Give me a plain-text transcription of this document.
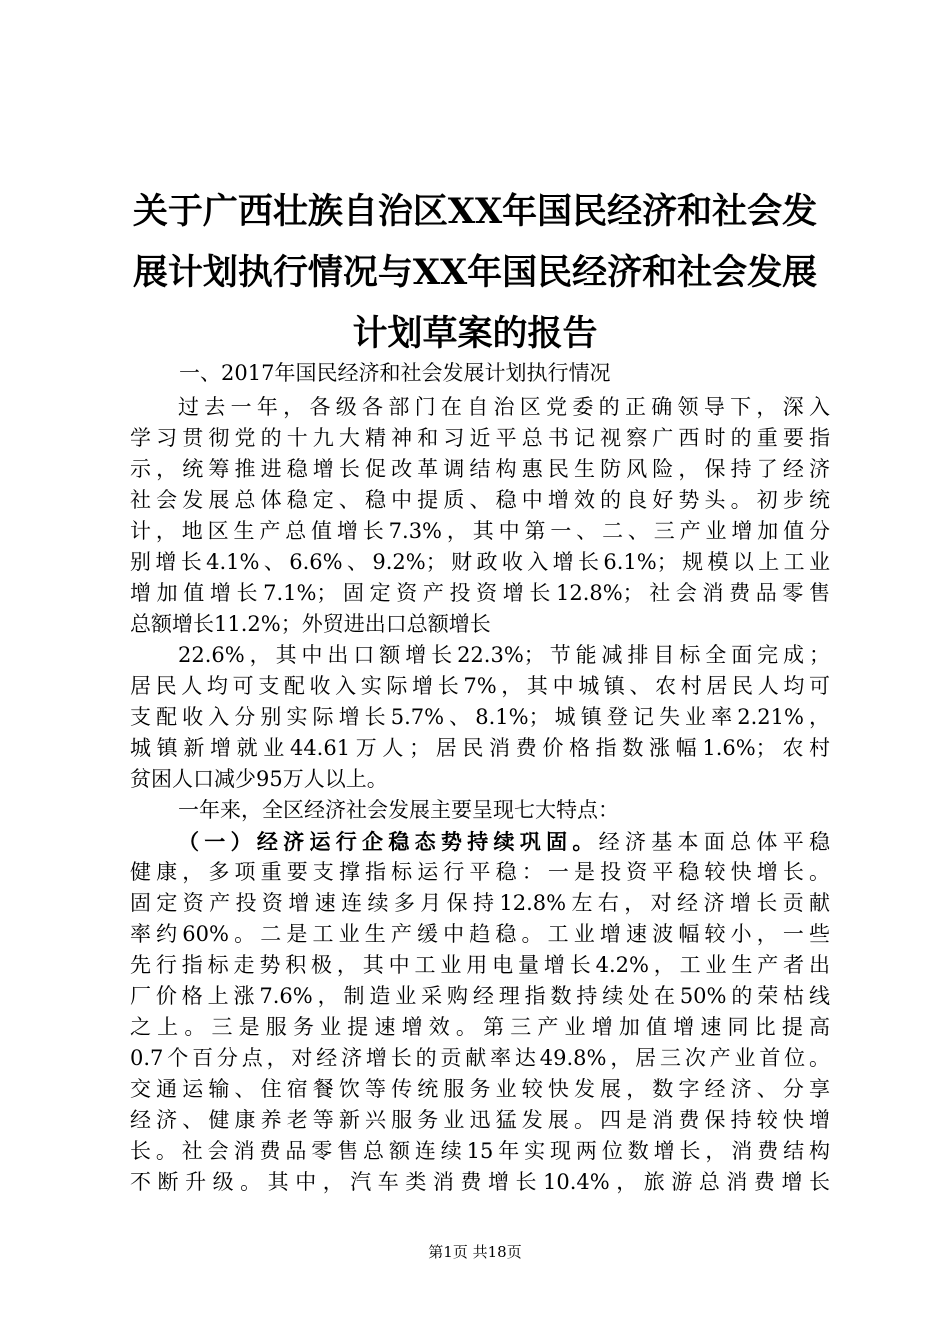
关于广西壮族自治区XX年国民经济和社会发
展计划执行情况与XX年国民经济和社会发展
计划草案的报告
一、2017年国民经济和社会发展计划执行情况

过去一年，各级各部门在自治区党委的正确领导下，深入
学习贯彻党的十九大精神和习近平总书记视察广西时的重要指
示，统筹推进稳增长促改革调结构惠民生防风险，保持了经济
社会发展总体稳定、稳中提质、稳中增效的良好势头。初步统
计，地区生产总值增长7.3%，其中第一、二、三产业增加值分
别增长4.1%、6.6%、9.2%；财政收入增长6.1%；规模以上工业
增加值增长7.1%；固定资产投资增长12.8%；社会消费品零售
总额增长11.2%；外贸进出口总额增长

22.6%，其中出口额增长22.3%；节能减排目标全面完成；
居民人均可支配收入实际增长7%，其中城镇、农村居民人均可
支配收入分别实际增长5.7%、8.1%；城镇登记失业率2.21%，
城镇新增就业44.61万人；居民消费价格指数涨幅1.6%；农村
贫困人口减少95万人以上。

一年来，全区经济社会发展主要呈现七大特点：

（一）经济运行企稳态势持续巩固。经济基本面总体平稳
健康，多项重要支撑指标运行平稳：一是投资平稳较快增长。
固定资产投资增速连续多月保持12.8%左右，对经济增长贡献
率约60%。二是工业生产缓中趋稳。工业增速波幅较小，一些
先行指标走势积极，其中工业用电量增长4.2%，工业生产者出
厂价格上涨7.6%，制造业采购经理指数持续处在50%的荣枯线
之上。三是服务业提速增效。第三产业增加值增速同比提高
0.7个百分点，对经济增长的贡献率达49.8%，居三次产业首位。
交通运输、住宿餐饮等传统服务业较快发展，数字经济、分享
经济、健康养老等新兴服务业迅猛发展。四是消费保持较快增
长。社会消费品零售总额连续15年实现两位数增长，消费结构
不断升级。其中，汽车类消费增长10.4%，旅游总消费增长

第1页 共18页
